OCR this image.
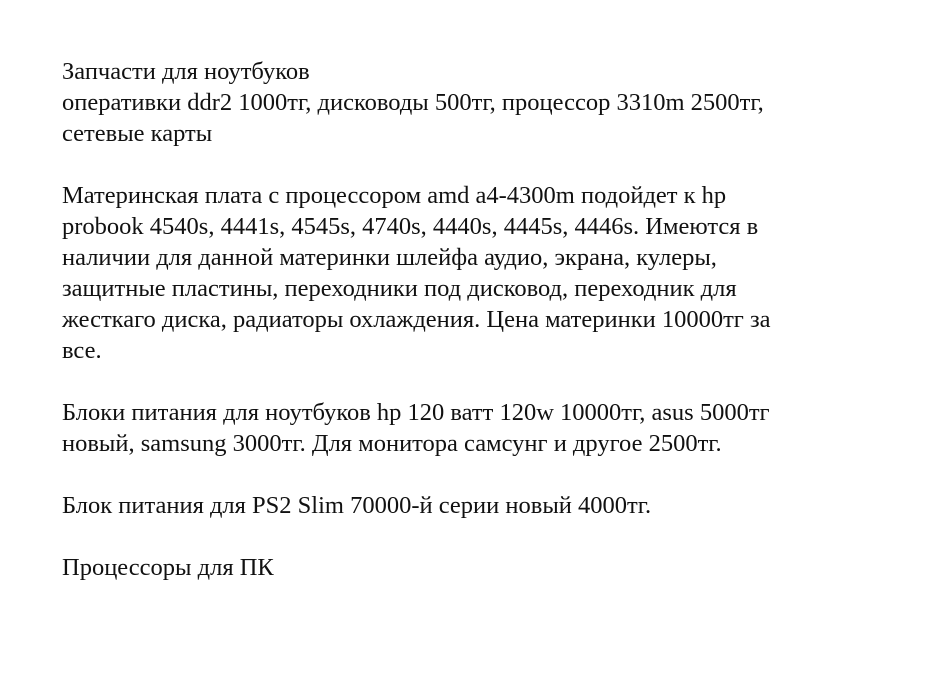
Запчасти для ноутбуков
оперативки ddr2 1000тг, дисководы 500тг, процессор 3310m 2500тг,
сетевые карты

Материнская плата с процессором amd a4-4300m подойдет к hp
probook 4540s, 4441s, 4545s, 4740s, 4440s, 4445s, 4446s. Имеются в
наличии для данной материнки шлейфа аудио, экрана, кулеры,
защитные пластины, переходники под дисковод, переходник для
жесткаго диска, радиаторы охлаждения. Цена материнки 10000тг за
все.

Блоки питания для ноутбуков hp 120 ватт 120w 10000тг, asus 5000тг
новый, samsung 3000тг. Для монитора самсунг и другое 2500тг.

Блок питания для PS2 Slim 70000-й серии новый 4000тг.

Процессоры для ПК
